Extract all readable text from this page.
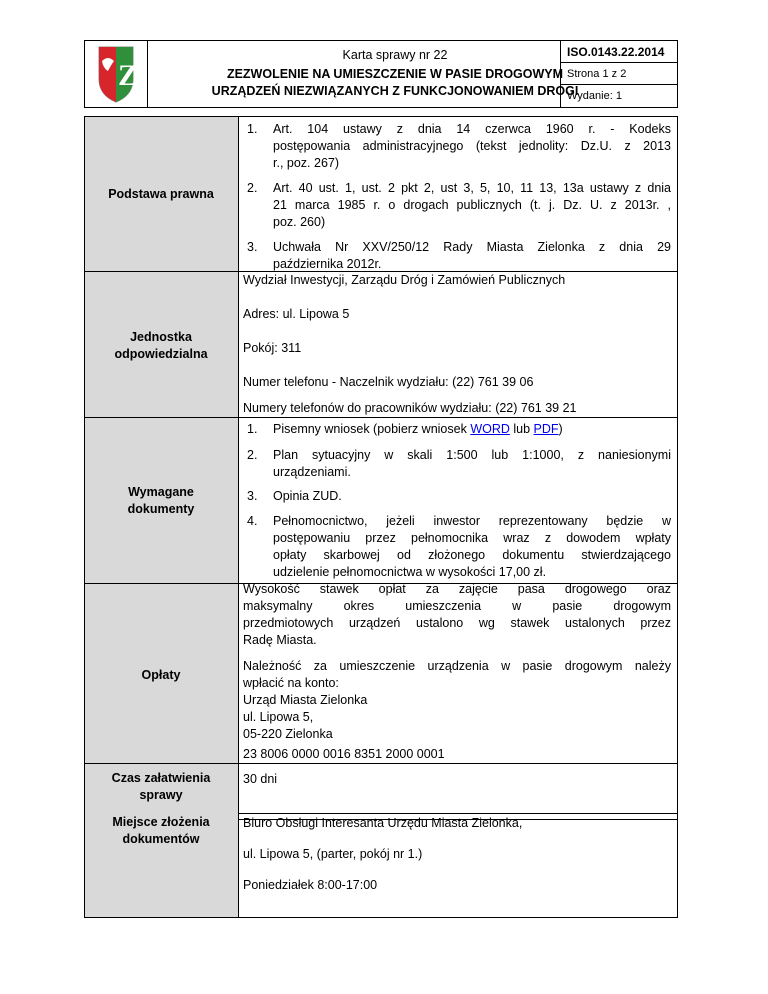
Z
Karta sprawy nr 22
ZEZWOLENIE NA UMIESZCZENIE W PASIE DROGOWYM
URZĄDZEŃ NIEZWIĄZANYCH Z FUNKCJONOWANIEM DROGI
ISO.0143.22.2014
Strona 1 z 2
Wydanie: 1
Podstawa prawna
1. Art. 104 ustawy z dnia 14 czerwca 1960 r. - Kodeks
postępowania administracyjnego (tekst jednolity: Dz.U. z 2013
r., poz. 267)
2. Art. 40 ust. 1, ust. 2 pkt 2, ust 3, 5, 10, 11 13, 13a ustawy z dnia
21 marca 1985 r. o drogach publicznych (t. j. Dz. U. z 2013r. ,
poz. 260)
3. Uchwała Nr XXV/250/12 Rady Miasta Zielonka z dnia 29
października 2012r.
Jednostka
odpowiedzialna
Wydział Inwestycji, Zarządu Dróg i Zamówień Publicznych
Adres: ul. Lipowa 5
Pokój: 311
Numer telefonu - Naczelnik wydziału: (22) 761 39 06
Numery telefonów do pracowników wydziału: (22) 761 39 21
Wymagane
dokumenty
1. Pisemny wniosek (pobierz wniosek WORD lub PDF)
2. Plan sytuacyjny w skali 1:500 lub 1:1000, z naniesionymi
urządzeniami.
3. Opinia ZUD.
4. Pełnomocnictwo, jeżeli inwestor reprezentowany będzie w
postępowaniu przez pełnomocnika wraz z dowodem wpłaty
opłaty skarbowej od złożonego dokumentu stwierdzającego
udzielenie pełnomocnictwa w wysokości 17,00 zł.
Opłaty
Wysokość stawek opłat za zajęcie pasa drogowego oraz
maksymalny okres umieszczenia w pasie drogowym
przedmiotowych urządzeń ustalono wg stawek ustalonych przez
Radę Miasta.
Należność za umieszczenie urządzenia w pasie drogowym należy
wpłacić na konto:
Urząd Miasta Zielonka
ul. Lipowa 5,
05-220 Zielonka
23 8006 0000 0016 8351 2000 0001
Czas załatwienia
sprawy
30 dni
Miejsce złożenia
dokumentów
Biuro Obsługi Interesanta Urzędu Miasta Zielonka,
ul. Lipowa 5, (parter, pokój nr 1.)
Poniedziałek 8:00-17:00
